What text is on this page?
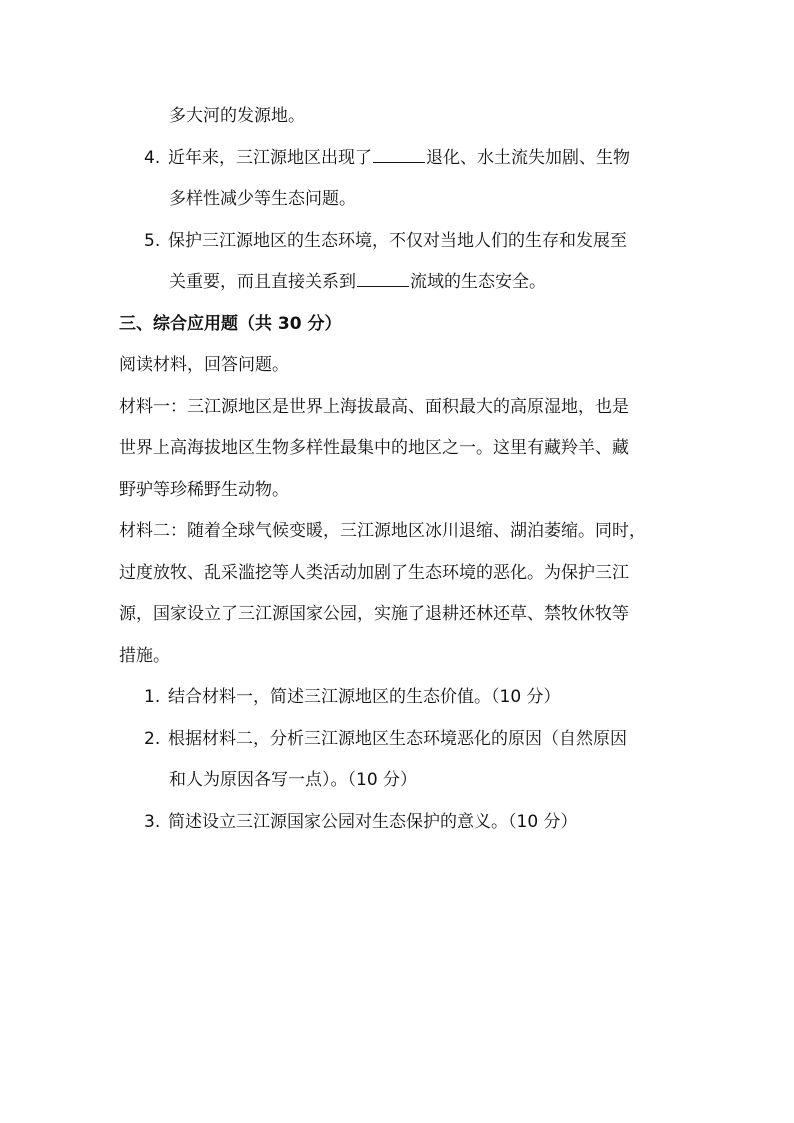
多大河的发源地。
4. 近年来，三江源地区出现了	退化、水土流失加剧、生物
多样性减少等生态问题。
5. 保护三江源地区的生态环境，不仅对当地人们的生存和发展至
关重要，而且直接关系到	流域的生态安全。
三、综合应用题（共 30 分）
阅读材料，回答问题。
材料一：三江源地区是世界上海拔最高、面积最大的高原湿地，也是
世界上高海拔地区生物多样性最集中的地区之一。这里有藏羚羊、藏
野驴等珍稀野生动物。
材料二：随着全球气候变暖，三江源地区冰川退缩、湖泊萎缩。同时，
过度放牧、乱采滥挖等人类活动加剧了生态环境的恶化。为保护三江
源，国家设立了三江源国家公园，实施了退耕还林还草、禁牧休牧等
措施。
1. 结合材料一，简述三江源地区的生态价值。（10 分）
2. 根据材料二，分析三江源地区生态环境恶化的原因（自然原因
和人为原因各写一点）。（10 分）
3. 简述设立三江源国家公园对生态保护的意义。（10 分）
